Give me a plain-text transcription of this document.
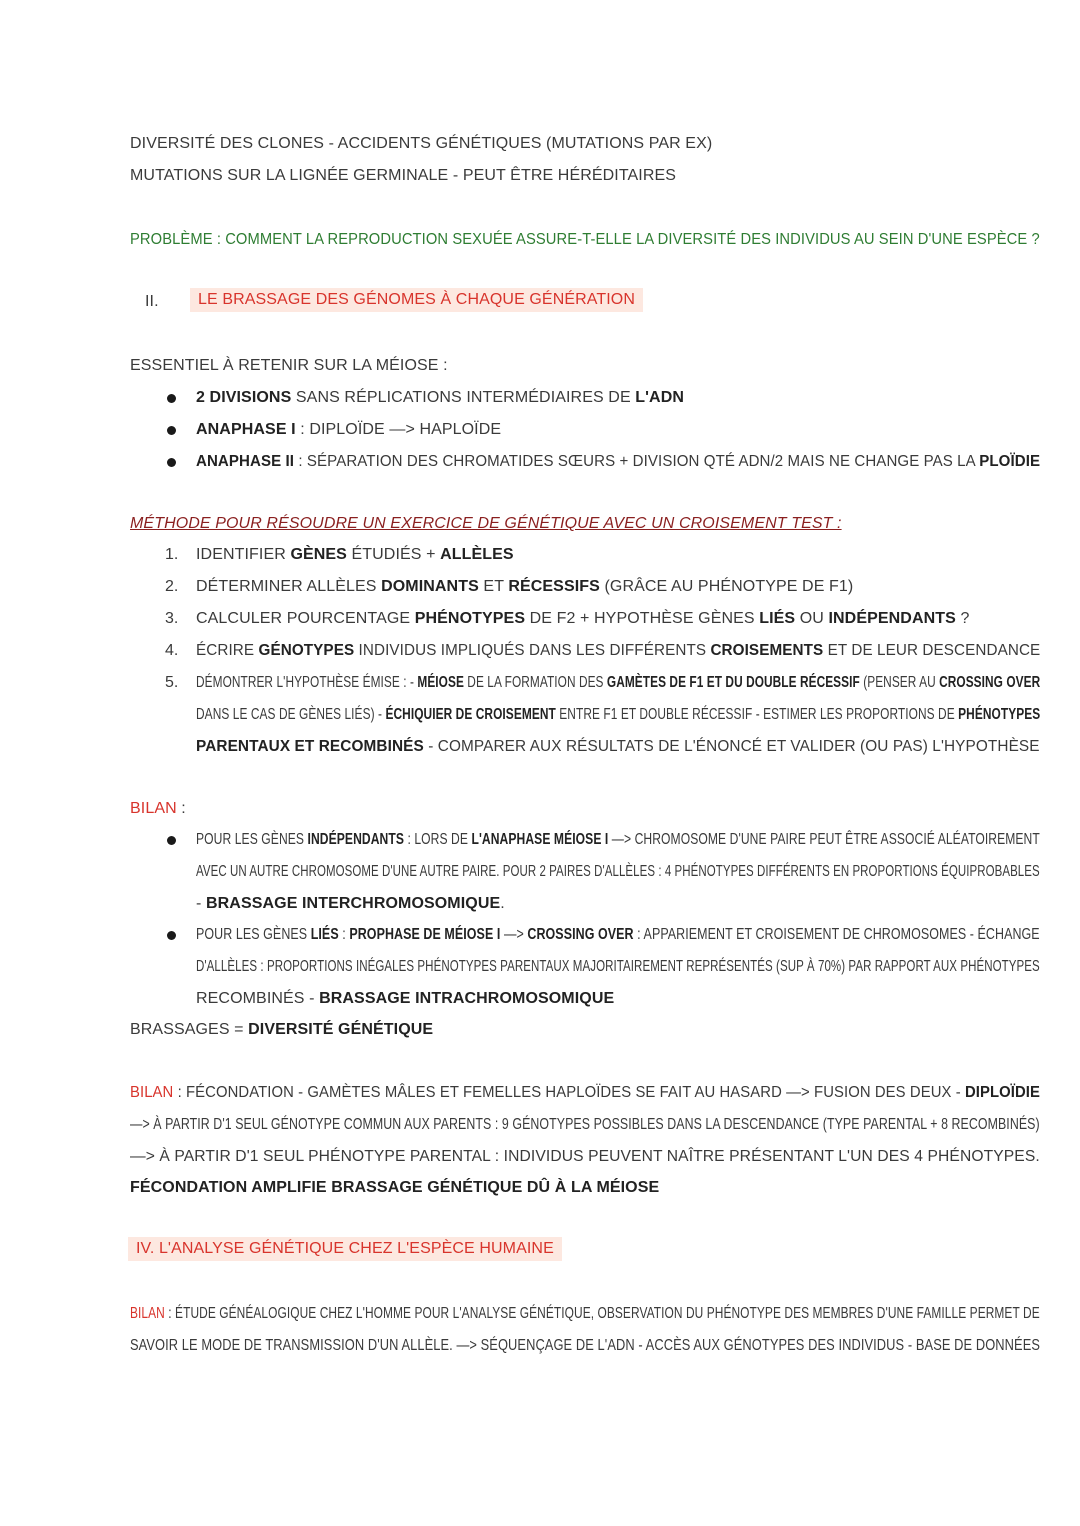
DIVERSITÉ DES CLONES - ACCIDENTS GÉNÉTIQUES (MUTATIONS PAR EX)
MUTATIONS SUR LA LIGNÉE GERMINALE - PEUT ÊTRE HÉRÉDITAIRES
PROBLÈME : COMMENT LA REPRODUCTION SEXUÉE ASSURE-T-ELLE LA DIVERSITÉ DES INDIVIDUS AU SEIN D'UNE ESPÈCE ?
II.	LE BRASSAGE DES GÉNOMES À CHAQUE GÉNÉRATION
ESSENTIEL À RETENIR SUR LA MÉIOSE :
2 DIVISIONS SANS RÉPLICATIONS INTERMÉDIAIRES DE L'ADN
ANAPHASE I : DIPLOÏDE —> HAPLOÏDE
ANAPHASE II : SÉPARATION DES CHROMATIDES SŒURS + DIVISION QTÉ ADN/2 MAIS NE CHANGE PAS LA PLOÏDIE
MÉTHODE POUR RÉSOUDRE UN EXERCICE DE GÉNÉTIQUE AVEC UN CROISEMENT TEST :
1. IDENTIFIER GÈNES ÉTUDIÉS + ALLÈLES
2. DÉTERMINER ALLÈLES DOMINANTS ET RÉCESSIFS (GRÂCE AU PHÉNOTYPE DE F1)
3. CALCULER POURCENTAGE PHÉNOTYPES DE F2 + HYPOTHÈSE GÈNES LIÉS OU INDÉPENDANTS ?
4. ÉCRIRE GÉNOTYPES INDIVIDUS IMPLIQUÉS DANS LES DIFFÉRENTS CROISEMENTS ET DE LEUR DESCENDANCE
5. DÉMONTRER L'HYPOTHÈSE ÉMISE : - MÉIOSE DE LA FORMATION DES GAMÈTES DE F1 ET DU DOUBLE RÉCESSIF (PENSER AU CROSSING OVER
DANS LE CAS DE GÈNES LIÉS) - ÉCHIQUIER DE CROISEMENT ENTRE F1 ET DOUBLE RÉCESSIF - ESTIMER LES PROPORTIONS DE PHÉNOTYPES
PARENTAUX ET RECOMBINÉS - COMPARER AUX RÉSULTATS DE L'ÉNONCÉ ET VALIDER (OU PAS) L'HYPOTHÈSE
BILAN :
POUR LES GÈNES INDÉPENDANTS : LORS DE L'ANAPHASE MÉIOSE I —> CHROMOSOME D'UNE PAIRE PEUT ÊTRE ASSOCIÉ ALÉATOIREMENT
AVEC UN AUTRE CHROMOSOME D'UNE AUTRE PAIRE. POUR 2 PAIRES D'ALLÈLES : 4 PHÉNOTYPES DIFFÉRENTS EN PROPORTIONS ÉQUIPROBABLES
- BRASSAGE INTERCHROMOSOMIQUE.
POUR LES GÈNES LIÉS : PROPHASE DE MÉIOSE I —> CROSSING OVER : APPARIEMENT ET CROISEMENT DE CHROMOSOMES - ÉCHANGE
D'ALLÈLES : PROPORTIONS INÉGALES PHÉNOTYPES PARENTAUX MAJORITAIREMENT REPRÉSENTÉS (SUP À 70%) PAR RAPPORT AUX PHÉNOTYPES
RECOMBINÉS - BRASSAGE INTRACHROMOSOMIQUE
BRASSAGES = DIVERSITÉ GÉNÉTIQUE
BILAN : FÉCONDATION - GAMÈTES MÂLES ET FEMELLES HAPLOÏDES SE FAIT AU HASARD —> FUSION DES DEUX - DIPLOÏDIE
—> À PARTIR D'1 SEUL GÉNOTYPE COMMUN AUX PARENTS : 9 GÉNOTYPES POSSIBLES DANS LA DESCENDANCE (TYPE PARENTAL + 8 RECOMBINÉS)
—> À PARTIR D'1 SEUL PHÉNOTYPE PARENTAL : INDIVIDUS PEUVENT NAÎTRE PRÉSENTANT L'UN DES 4 PHÉNOTYPES.
FÉCONDATION AMPLIFIE BRASSAGE GÉNÉTIQUE DÛ À LA MÉIOSE
IV. L'ANALYSE GÉNÉTIQUE CHEZ L'ESPÈCE HUMAINE
BILAN : ÉTUDE GÉNÉALOGIQUE CHEZ L'HOMME POUR L'ANALYSE GÉNÉTIQUE, OBSERVATION DU PHÉNOTYPE DES MEMBRES D'UNE FAMILLE PERMET DE
SAVOIR LE MODE DE TRANSMISSION D'UN ALLÈLE. —> SÉQUENÇAGE DE L'ADN - ACCÈS AUX GÉNOTYPES DES INDIVIDUS - BASE DE DONNÉES
